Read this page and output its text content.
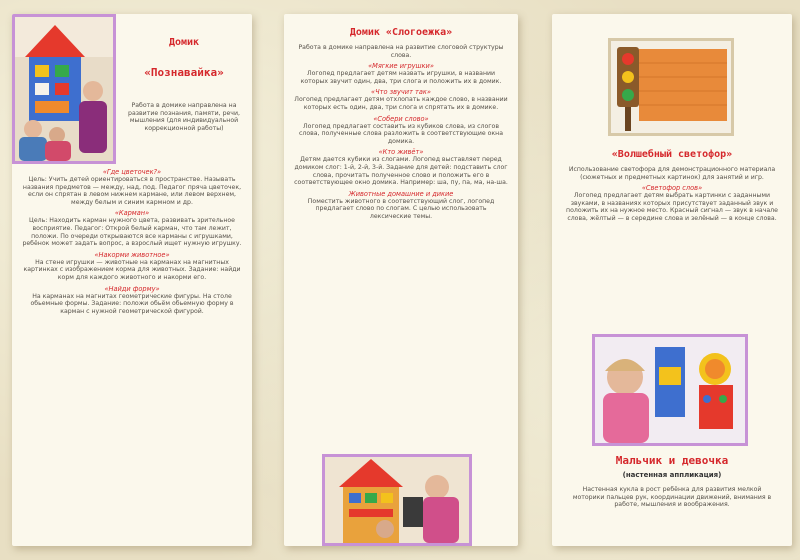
Домик
«Познавайка»
Работа в домике направлена на развитие познания, памяти, речи, мышления (для индивидуальной коррекционной работы)
«Где цветочек?»
Цель: Учить детей ориентироваться в пространстве. Называть названия предметов — между, над, под. Педагог пряча цветочек, если он спрятан в левом нижнем кармане, или левом верхнем, между белым и синим кармном и др.
«Карман»
Цель: Находить карман нужного цвета, развивать зрительное восприятие. Педагог: Открой белый карман, что там лежит, положи. По очереди открываются все карманы с игрушками, ребёнок может задать вопрос, а взрослый ищет нужную игрушку.
«Накорми животное»
На стене игрушки — животные на карманах на магнитных картинках с изображением корма для животных. Задание: найди корм для каждого животного и накорми его.
«Найди форму»
На карманах на магнитах геометрические фигуры. На столе обьемные формы. Задание: положи обьём обьемную форму в карман с нужной геометрической фигурой.
Домик «Слогоежка»
Работа в домике направлена на развитие слоговой структуры слова.
«Мягкие игрушки»
Логопед предлагает детям назвать игрушки, в названии которых звучит один, два, три слога и положить их в домик.
«Что звучит так»
Логопед предлагает детям отхлопать каждое слово, в названии которых есть один, два, три слога и спрятать их в домике.
«Собери слово»
Логопед предлагает составить из кубиков слова, из слогов слова, полученные слова разложить в соответствующие окна домика.
«Кто живёт»
Детям дается кубики из слогами. Логопед выставляет перед домиком слог: 1-й, 2-й, 3-й. Задание для детей: подставить слог слова, прочитать полученное слово и положить его в соответствующее окно домика. Например: ша, пу, па, ма, на-ша.
Животные домашние и дикие
Поместить животного в соответствующий слог, логопед предлагает слово по слогам. С целью использовать лексические темы.
«Волшебный светофор»
Использование светофора для демонстрационного материала (сюжетных и предметных картинок) для занятий и игр.
«Светофор слов»
Логопед предлагает детям выбрать картинки с заданными звуками, в названиях которых присутствует заданный звук и положить их на нужное место. Красный сигнал — звук в начале слова, жёлтый — в середине слова и зелёный — в конце слова.
Мальчик и девочка
(настенная аппликация)
Настенная кукла в рост ребёнка для развития мелкой моторики пальцев рук, координации движений, внимания в работе, мышления и воображения.
